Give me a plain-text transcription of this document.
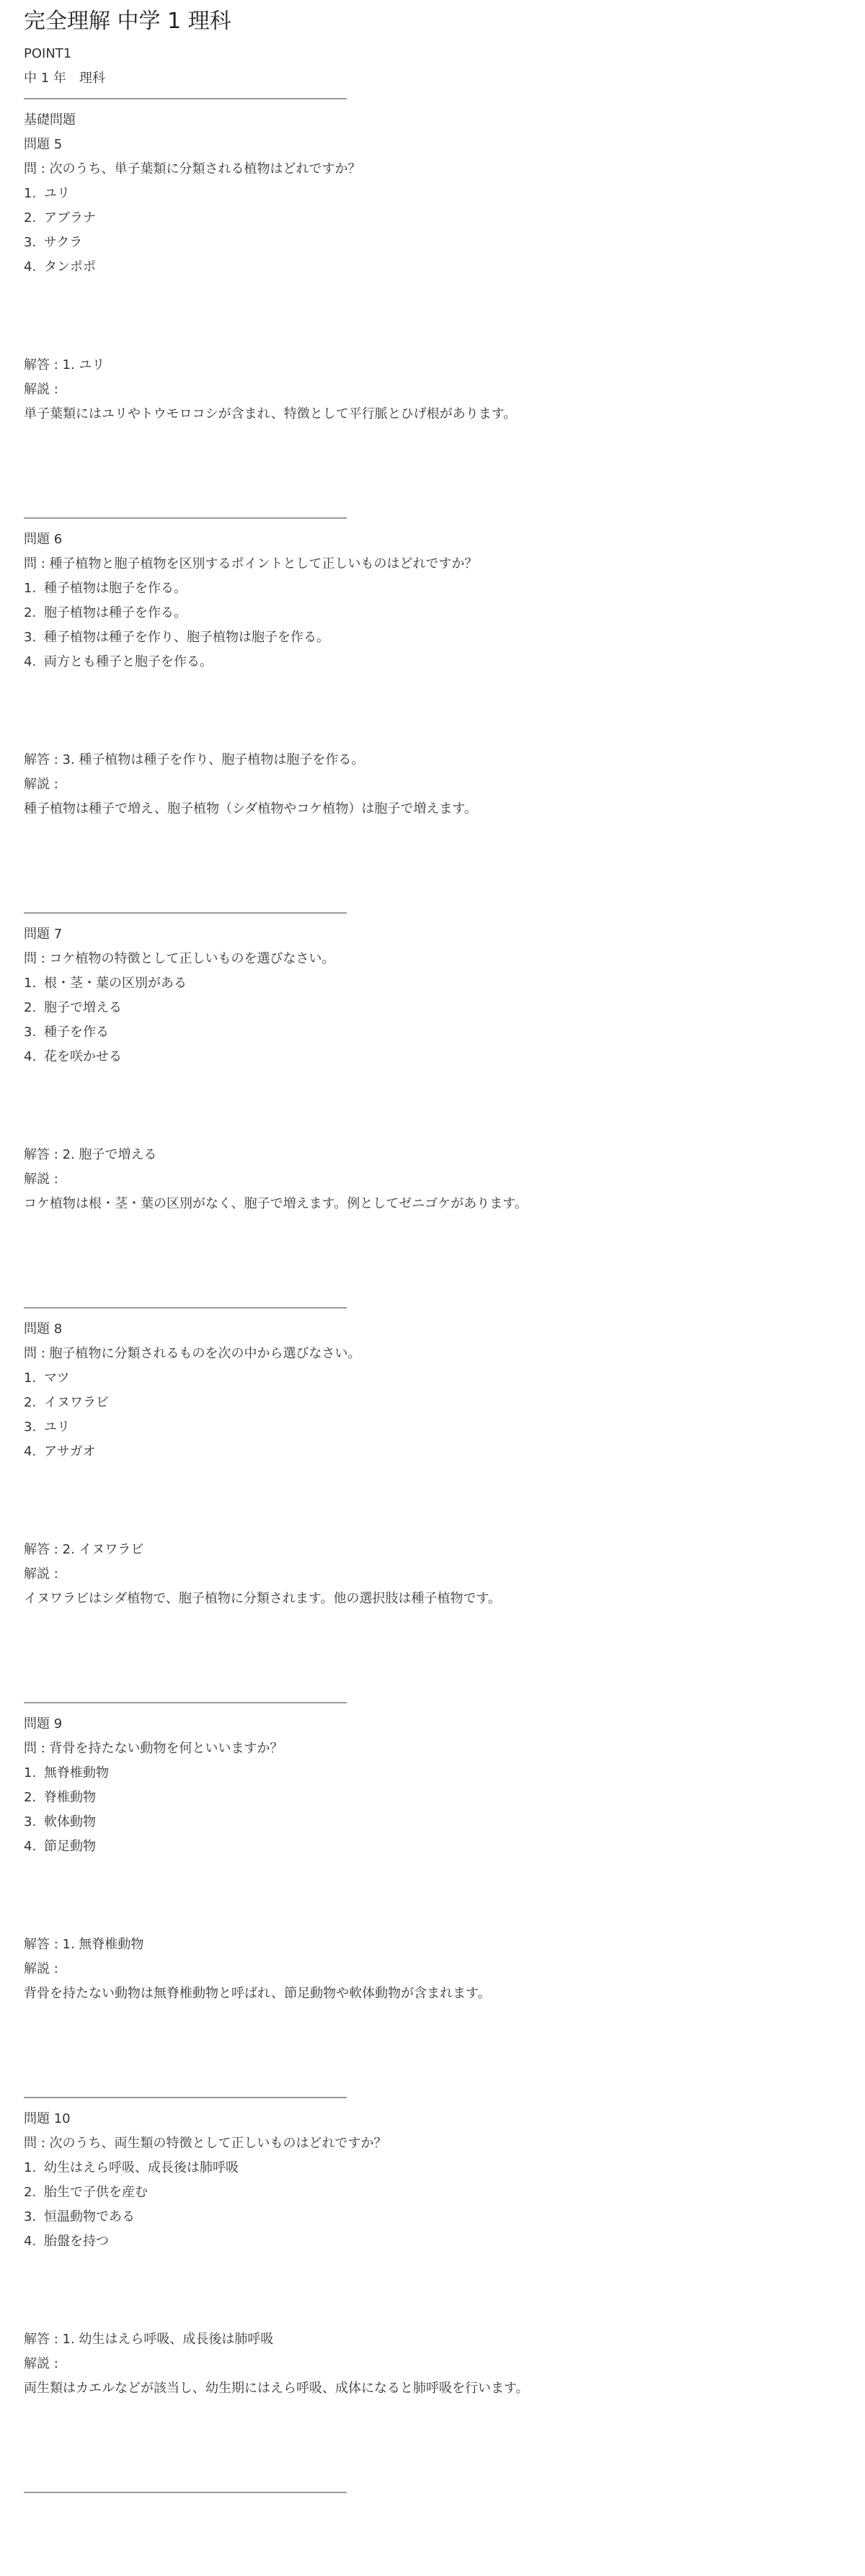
完全理解 中学 1 理科

POINT1

中 1 年　理科

基礎問題

問題 5

問 : 次のうち、単子葉類に分類される植物はどれですか？

1. ユリ
2. アブラナ
3. サクラ
4. タンポポ

解答 : 1. ユリ

解説 :

単子葉類にはユリやトウモロコシが含まれ、特徴として平行脈とひげ根があります。

問題 6

問 : 種子植物と胞子植物を区別するポイントとして正しいものはどれですか？

1. 種子植物は胞子を作る。
2. 胞子植物は種子を作る。
3. 種子植物は種子を作り、胞子植物は胞子を作る。
4. 両方とも種子と胞子を作る。

解答 : 3. 種子植物は種子を作り、胞子植物は胞子を作る。

解説 :

種子植物は種子で増え、胞子植物（シダ植物やコケ植物）は胞子で増えます。

問題 7

問 : コケ植物の特徴として正しいものを選びなさい。

1. 根・茎・葉の区別がある
2. 胞子で増える
3. 種子を作る
4. 花を咲かせる

解答 : 2. 胞子で増える

解説 :

コケ植物は根・茎・葉の区別がなく、胞子で増えます。例としてゼニゴケがあります。

問題 8

問 : 胞子植物に分類されるものを次の中から選びなさい。

1. マツ
2. イヌワラビ
3. ユリ
4. アサガオ

解答 : 2. イヌワラビ

解説 :

イヌワラビはシダ植物で、胞子植物に分類されます。他の選択肢は種子植物です。

問題 9

問 : 背骨を持たない動物を何といいますか？

1. 無脊椎動物
2. 脊椎動物
3. 軟体動物
4. 節足動物

解答 : 1. 無脊椎動物

解説 :

背骨を持たない動物は無脊椎動物と呼ばれ、節足動物や軟体動物が含まれます。

問題 10

問 : 次のうち、両生類の特徴として正しいものはどれですか？

1. 幼生はえら呼吸、成長後は肺呼吸
2. 胎生で子供を産む
3. 恒温動物である
4. 胎盤を持つ

解答 : 1. 幼生はえら呼吸、成長後は肺呼吸

解説 :

両生類はカエルなどが該当し、幼生期にはえら呼吸、成体になると肺呼吸を行います。
